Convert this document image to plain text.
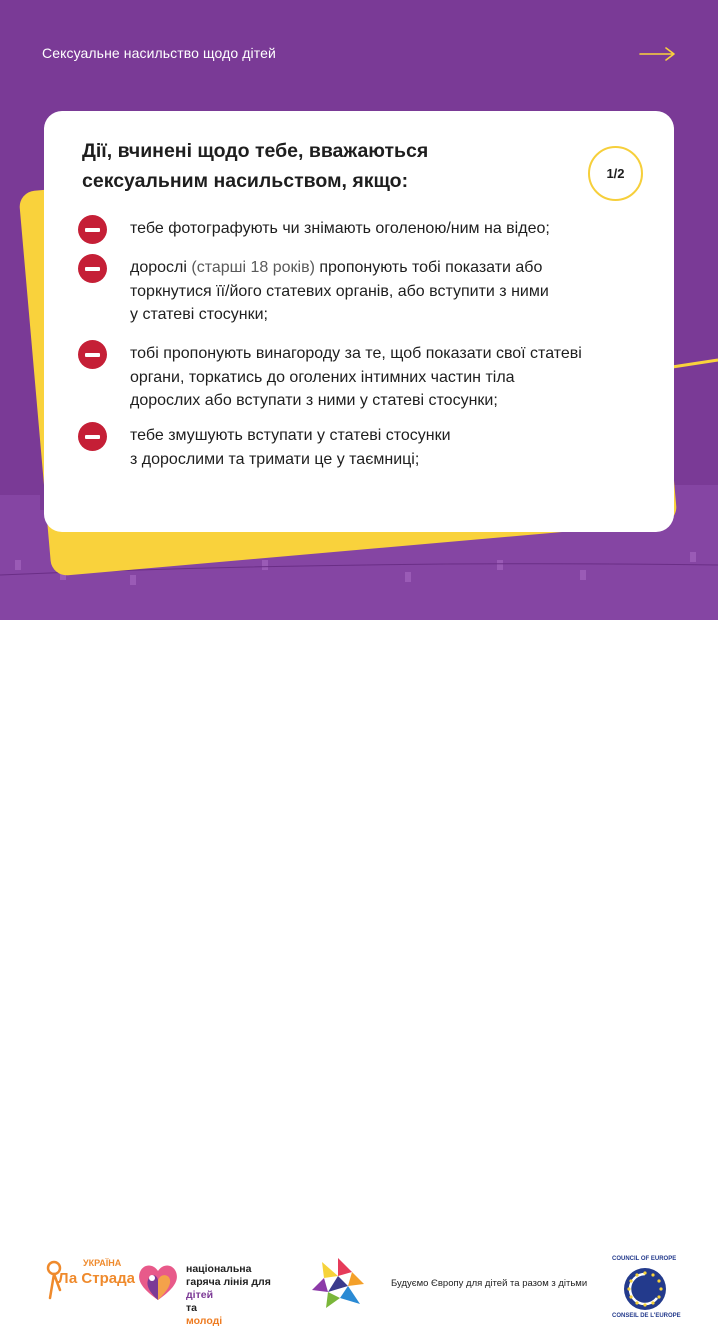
Сексуальне насильство щодо дітей
Дії, вчинені щодо тебе, вважаються
сексуальним насильством, якщо:	1/2
тебе фотографують чи знімають оголеною/ним на відео;
дорослі (старші 18 років) пропонують тобі показати або
торкнутися її/його статевих органів, або вступити з ними
у статеві стосунки;
тобі пропонують винагороду за те, щоб показати свої статеві
органи, торкатись до оголених інтимних частин тіла
дорослих або вступати з ними у статеві стосунки;
тебе змушують вступати у статеві стосунки
з дорослими та тримати це у таємниці;
УКРАЇНА
Ла Страда
національна
гаряча лінія для
дітей
та
молоді
Будуємо Європу для дітей та разом з дітьми
COUNCIL OF EUROPE
CONSEIL DE L'EUROPE
